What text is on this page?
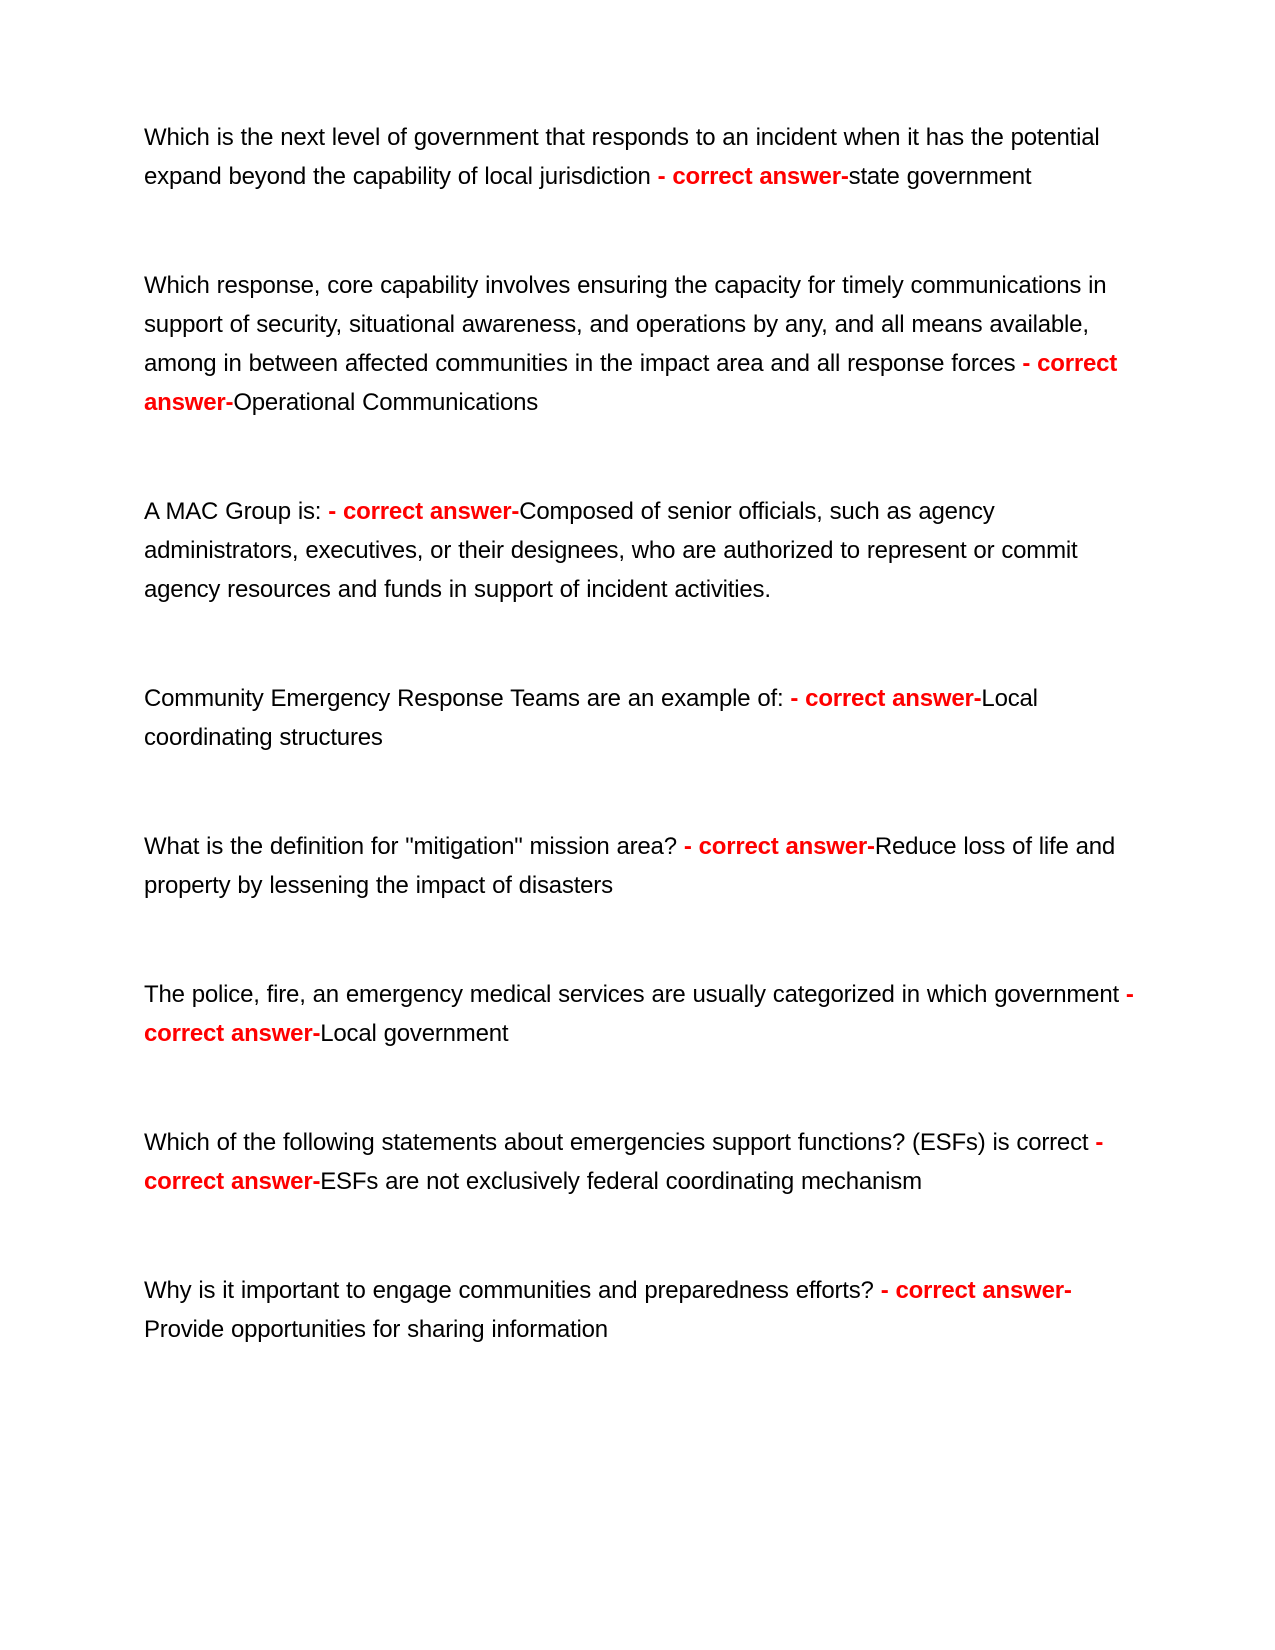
Which is the next level of government that responds to an incident when it has the potential expand beyond the capability of local jurisdiction - correct answer-state government

Which response, core capability involves ensuring the capacity for timely communications in support of security, situational awareness, and operations by any, and all means available, among in between affected communities in the impact area and all response forces - correct answer-Operational Communications

A MAC Group is: - correct answer-Composed of senior officials, such as agency administrators, executives, or their designees, who are authorized to represent or commit agency resources and funds in support of incident activities.

Community Emergency Response Teams are an example of: - correct answer-Local coordinating structures

What is the definition for "mitigation" mission area? - correct answer-Reduce loss of life and property by lessening the impact of disasters

The police, fire, an emergency medical services are usually categorized in which government - correct answer-Local government

Which of the following statements about emergencies support functions? (ESFs) is correct - correct answer-ESFs are not exclusively federal coordinating mechanism

Why is it important to engage communities and preparedness efforts? - correct answer-Provide opportunities for sharing information
